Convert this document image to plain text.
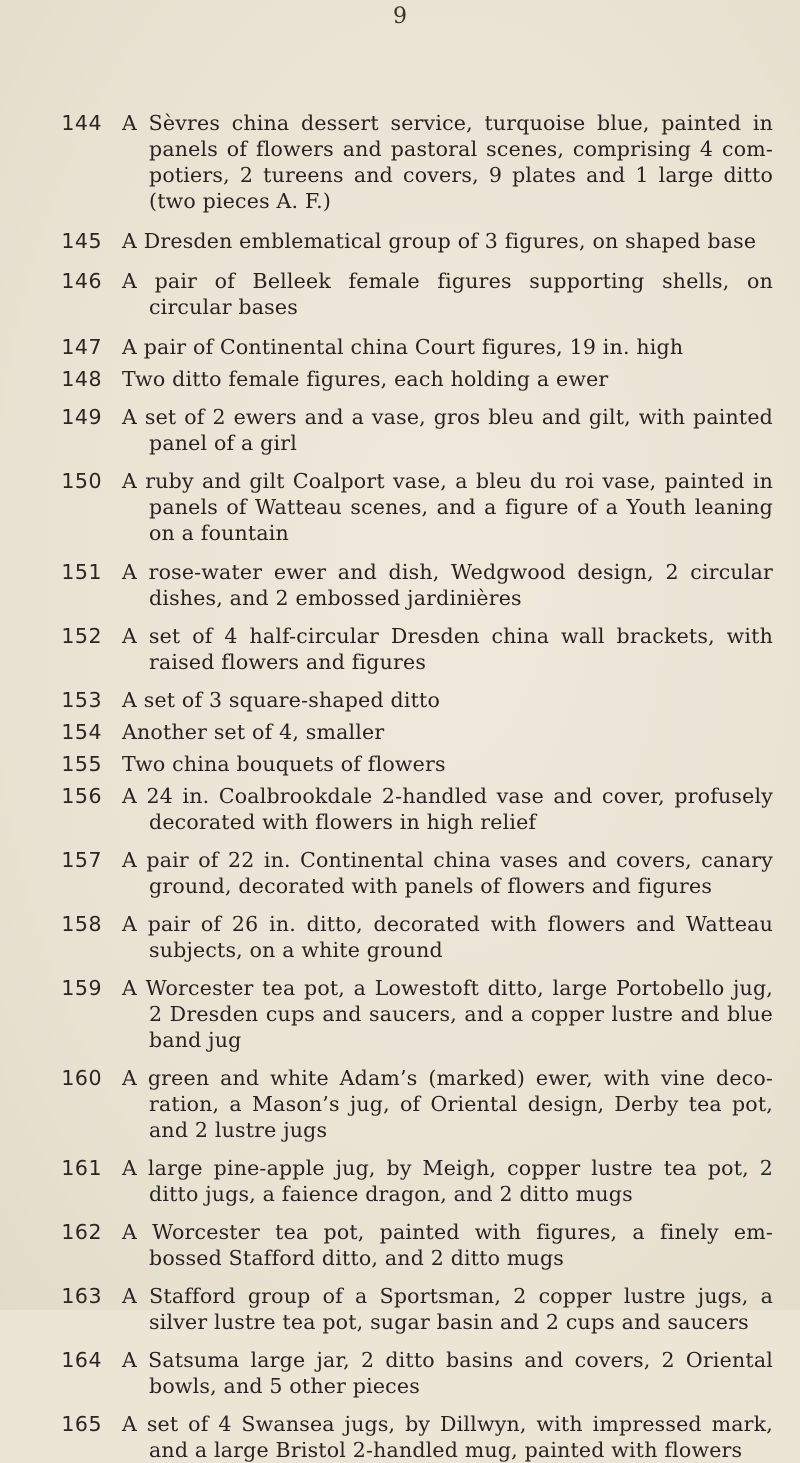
9
144 A Sèvres china dessert service, turquoise blue, painted in panels of flowers and pastoral scenes, comprising 4 com- potiers, 2 tureens and covers, 9 plates and 1 large ditto (two pieces A. F.)
145 A Dresden emblematical group of 3 figures, on shaped base
146 A pair of Belleek female figures supporting shells, on circular bases
147 A pair of Continental china Court figures, 19 in. high
148 Two ditto female figures, each holding a ewer
149 A set of 2 ewers and a vase, gros bleu and gilt, with painted panel of a girl
150 A ruby and gilt Coalport vase, a bleu du roi vase, painted in panels of Watteau scenes, and a figure of a Youth leaning on a fountain
151 A rose-water ewer and dish, Wedgwood design, 2 circular dishes, and 2 embossed jardinières
152 A set of 4 half-circular Dresden china wall brackets, with raised flowers and figures
153 A set of 3 square-shaped ditto
154 Another set of 4, smaller
155 Two china bouquets of flowers
156 A 24 in. Coalbrookdale 2-handled vase and cover, profusely decorated with flowers in high relief
157 A pair of 22 in. Continental china vases and covers, canary ground, decorated with panels of flowers and figures
158 A pair of 26 in. ditto, decorated with flowers and Watteau subjects, on a white ground
159 A Worcester tea pot, a Lowestoft ditto, large Portobello jug, 2 Dresden cups and saucers, and a copper lustre and blue band jug
160 A green and white Adam’s (marked) ewer, with vine deco- ration, a Mason’s jug, of Oriental design, Derby tea pot, and 2 lustre jugs
161 A large pine-apple jug, by Meigh, copper lustre tea pot, 2 ditto jugs, a faience dragon, and 2 ditto mugs
162 A Worcester tea pot, painted with figures, a finely em- bossed Stafford ditto, and 2 ditto mugs
163 A Stafford group of a Sportsman, 2 copper lustre jugs, a silver lustre tea pot, sugar basin and 2 cups and saucers
164 A Satsuma large jar, 2 ditto basins and covers, 2 Oriental bowls, and 5 other pieces
165 A set of 4 Swansea jugs, by Dillwyn, with impressed mark, and a large Bristol 2-handled mug, painted with flowers
